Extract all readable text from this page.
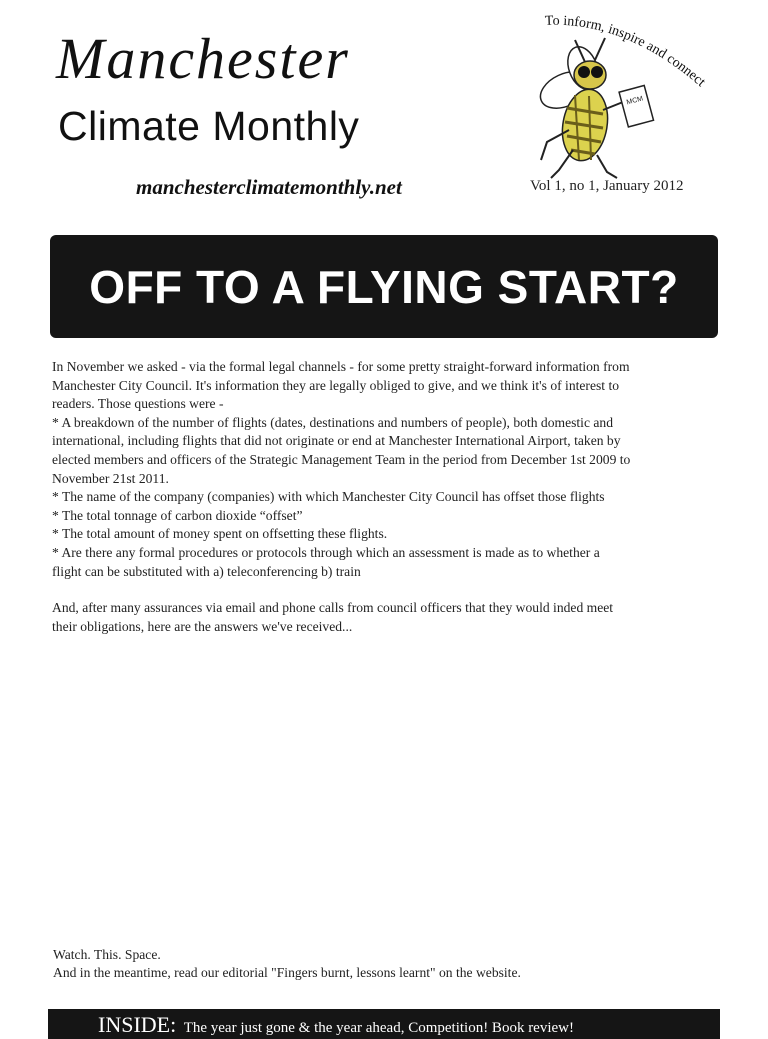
Manchester
Climate Monthly
manchesterclimatemonthly.net	Vol 1, no 1, January 2012
To inform, inspire and connect
MCM
OFF TO A FLYING START?

In November we asked - via the formal legal channels - for some pretty straight-forward information from

Manchester City Council. It's information they are legally obliged to give, and we think it's of interest to

readers. Those questions were -

* A breakdown of the number of flights (dates, destinations and numbers of people), both domestic and

international, including flights that did not originate or end at Manchester International Airport, taken by

elected members and officers of the Strategic Management Team in the period from December 1st 2009 to

November 21st 2011.

* The name of the company (companies) with which Manchester City Council has offset those flights

* The total tonnage of carbon dioxide “offset”

* The total amount of money spent on offsetting these flights.

* Are there any formal procedures or protocols through which an assessment is made as to whether a

flight can be substituted with a) teleconferencing b) train

And, after many assurances via email and phone calls from council officers that they would inded meet

their obligations, here are the answers we've received...

Watch. This. Space.

And in the meantime, read our editorial "Fingers burnt, lessons learnt" on the website.

INSIDE: The year just gone & the year ahead, Competition! Book review!
